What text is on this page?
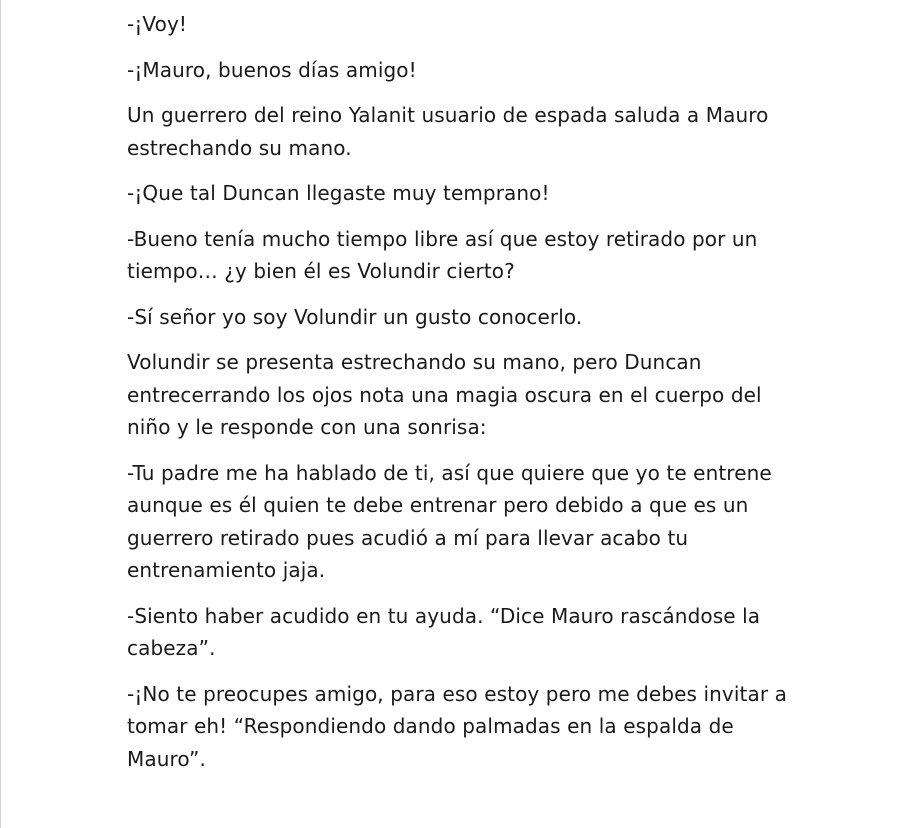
-¡Voy!

-¡Mauro, buenos días amigo!

Un guerrero del reino Yalanit usuario de espada saluda a Mauro estrechando su mano.

-¡Que tal Duncan llegaste muy temprano!

-Bueno tenía mucho tiempo libre así que estoy retirado por un tiempo… ¿y bien él es Volundir cierto?

-Sí señor yo soy Volundir un gusto conocerlo.

Volundir se presenta estrechando su mano, pero Duncan entrecerrando los ojos nota una magia oscura en el cuerpo del niño y le responde con una sonrisa:

-Tu padre me ha hablado de ti, así que quiere que yo te entrene aunque es él quien te debe entrenar pero debido a que es un guerrero retirado pues acudió a mí para llevar acabo tu entrenamiento jaja.

-Siento haber acudido en tu ayuda. “Dice Mauro rascándose la cabeza”.

-¡No te preocupes amigo, para eso estoy pero me debes invitar a tomar eh! “Respondiendo dando palmadas en la espalda de Mauro”.
